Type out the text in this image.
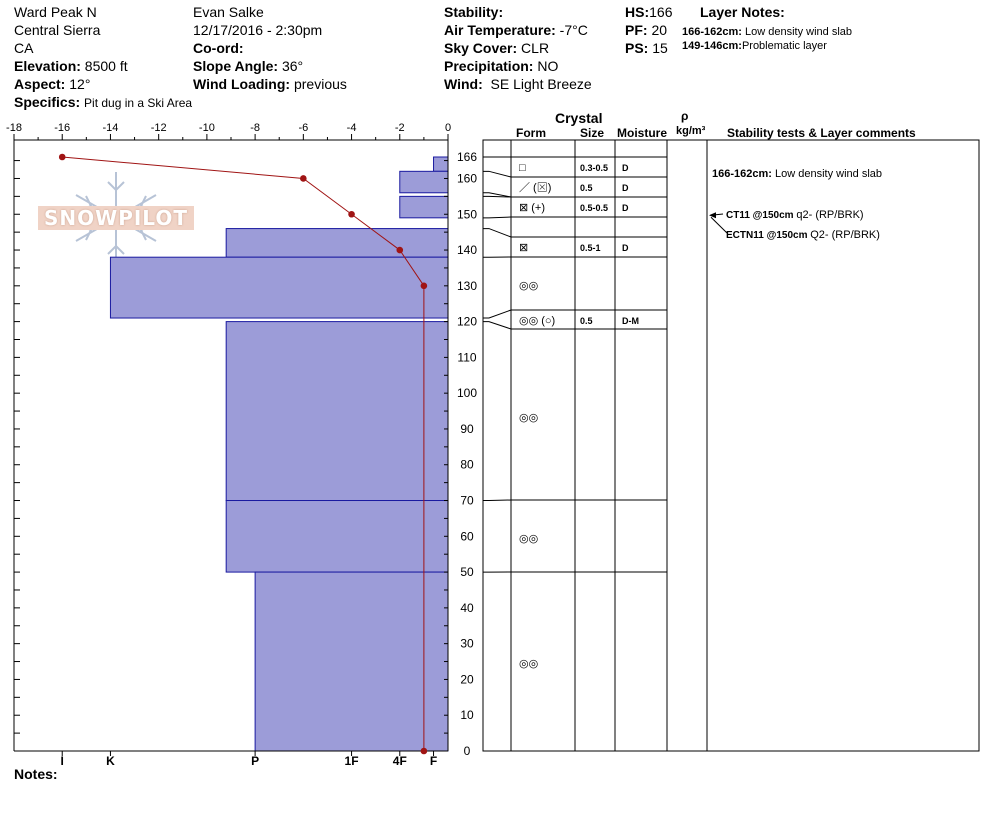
Ward Peak N
Central Sierra
CA
Elevation: 8500 ft
Aspect: 12°
Specifics: Pit dug in a Ski Area
Evan Salke
12/17/2016 - 2:30pm
Co-ord:
Slope Angle: 36°
Wind Loading: previous
Stability:
Air Temperature: -7°C
Sky Cover: CLR
Precipitation: NO
Wind: SE Light Breeze
HS:166
PF: 20
PS: 15
Layer Notes:
166-162cm: Low density wind slab
149-146cm:Problematic layer
Crystal
Form	Size Moisture
ρ
kg/m³ Stability tests & Layer comments
Notes:
SNOWPILOT
-18	-16	-14	-12	-10	-8	-6	-4	-2	0
166
160
150
140
130
120
110
100
90
80
70
60
50
40
30
20
10
0
I	K	P	1F	4F F
□	0.3-0.5 D
／ (⊠)	0.5	D
⊠ (+)	0.5-0.5 D
⊠	0.5-1 D
◎◎
◎◎ (○)	0.5	D-M
◎◎
◎◎
◎◎
166-162cm: Low density wind slab
CT11 @150cm q2- (RP/BRK)
ECTN11 @150cm Q2- (RP/BRK)
